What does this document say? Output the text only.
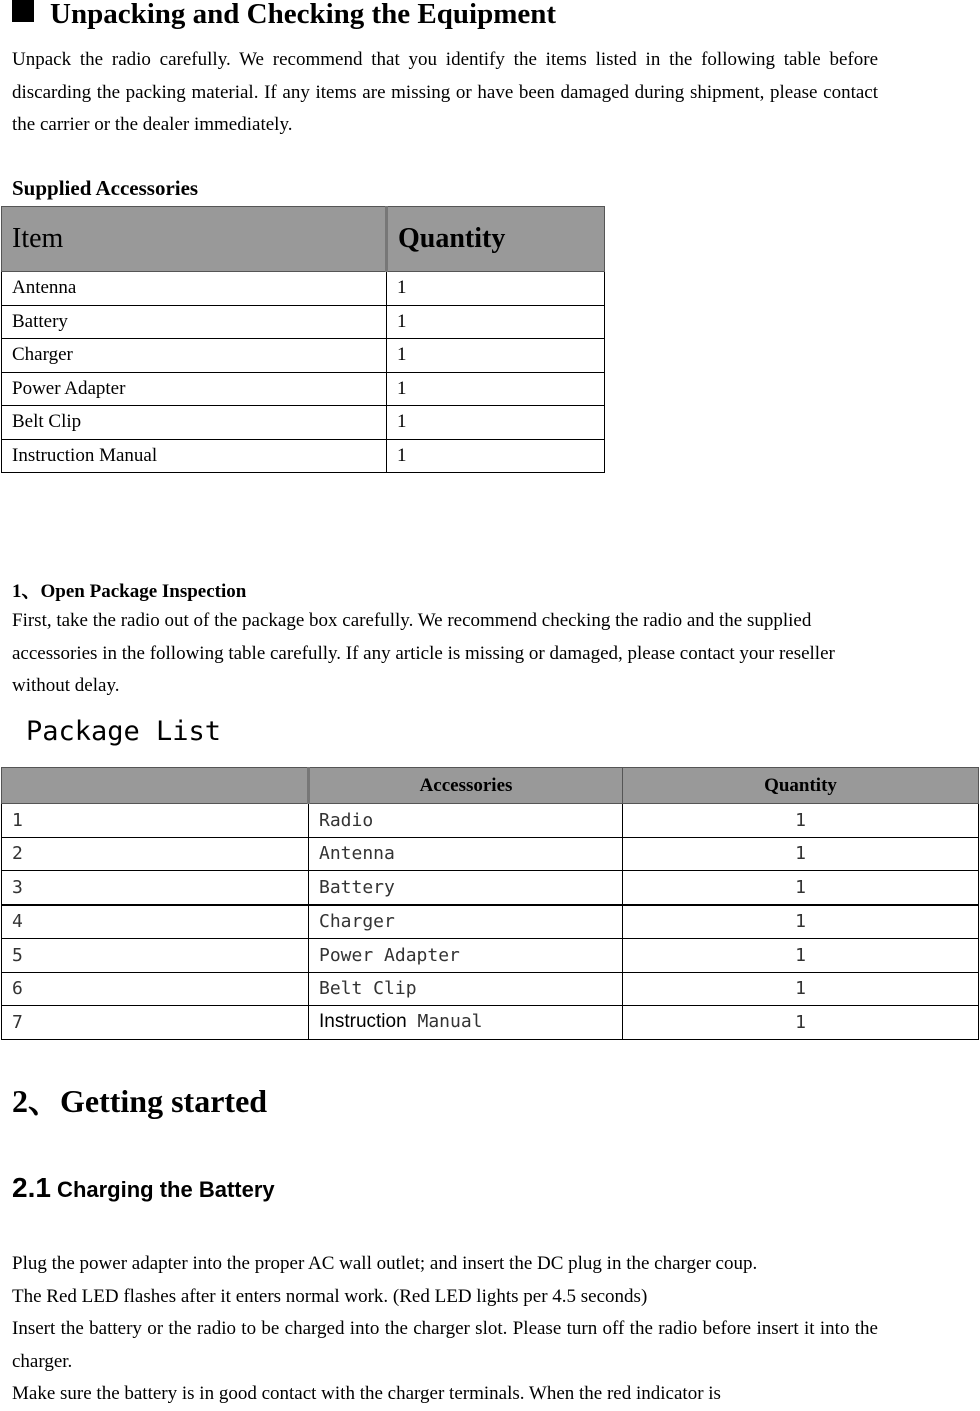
Unpacking and Checking the Equipment

Unpack the radio carefully. We recommend that you identify the items listed in the following table before discarding the packing material. If any items are missing or have been damaged during shipment, please contact the carrier or the dealer immediately.

Supplied Accessories
Item	Quantity
Antenna	1
Battery	1
Charger	1
Power Adapter	1
Belt Clip	1
Instruction Manual	1
1、Open Package Inspection

First, take the radio out of the package box carefully. We recommend checking the radio and the supplied accessories in the following table carefully. If any article is missing or damaged, please contact your reseller without delay.

Package List
	Accessories	Quantity
1	Radio	1
2	Antenna	1
3	Battery	1
4	Charger	1
5	Power Adapter	1
6	Belt Clip	1
7	Instruction Manual	1
2、Getting started
2.1 Charging the Battery

Plug the power adapter into the proper AC wall outlet; and insert the DC plug in the charger coup.

The Red LED flashes after it enters normal work. (Red LED lights per 4.5 seconds)

Insert the battery or the radio to be charged into the charger slot. Please turn off the radio before insert it into the charger.

Make sure the battery is in good contact with the charger terminals. When the red indicator is
